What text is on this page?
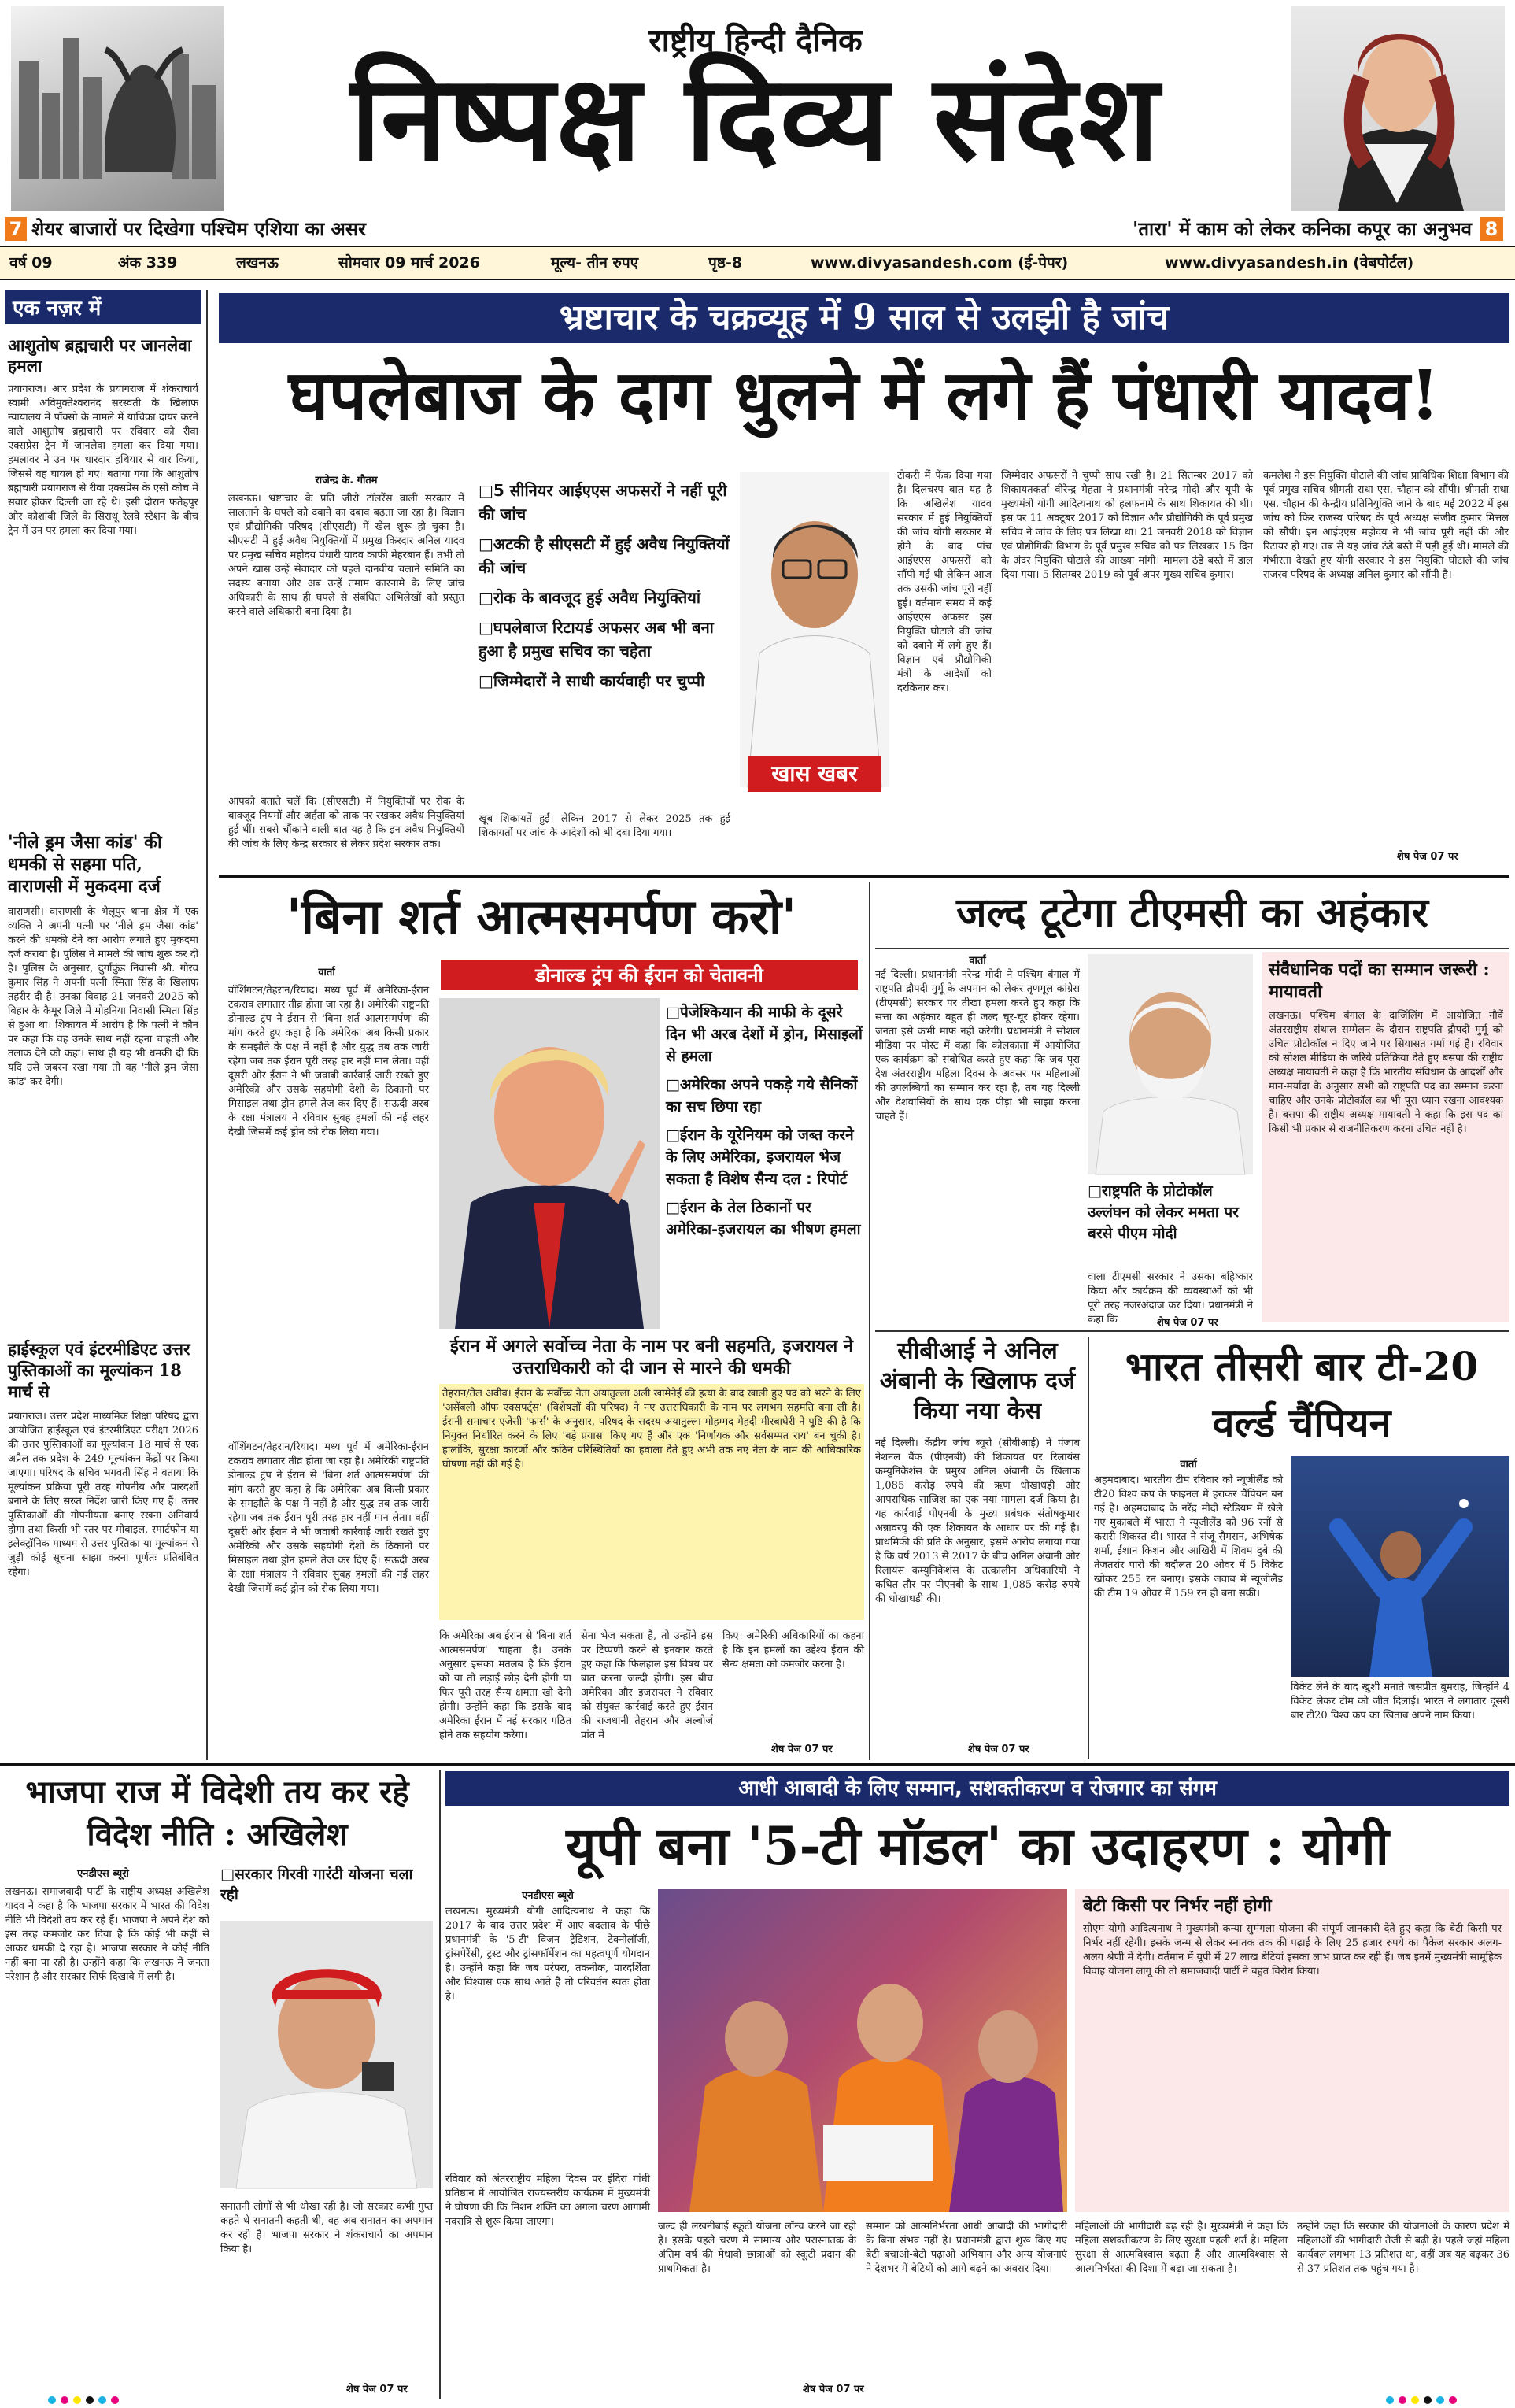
राष्ट्रीय हिन्दी दैनिक
निष्पक्ष दिव्य संदेश
7 शेयर बाजारों पर दिखेगा पश्चिम एशिया का असर	'तारा' में काम को लेकर कनिका कपूर का अनुभव 8
वर्ष 09	अंक 339	लखनऊ	सोमवार 09 मार्च 2026	मूल्य- तीन रुपए	पृष्ठ-8	www.divyasandesh.com (ई-पेपर)	www.divyasandesh.in (वेबपोर्टल)
एक नज़र में
आशुतोष ब्रह्मचारी पर जानलेवा हमला
प्रयागराज। आर प्रदेश के प्रयागराज में शंकराचार्य स्वामी अविमुक्तेश्वरानंद सरस्वती के खिलाफ न्यायालय में पॉक्सो के मामले में याचिका दायर करने वाले आशुतोष ब्रह्मचारी पर रविवार को रीवा एक्सप्रेस ट्रेन में जानलेवा हमला कर दिया गया। हमलावर ने उन पर धारदार हथियार से वार किया, जिससे वह घायल हो गए। बताया गया कि आशुतोष ब्रह्मचारी प्रयागराज से रीवा एक्सप्रेस के एसी कोच में सवार होकर दिल्ली जा रहे थे। इसी दौरान फतेहपुर और कौशांबी जिले के सिराथू रेलवे स्टेशन के बीच ट्रेन में उन पर हमला कर दिया गया।
'नीले ड्रम जैसा कांड' की धमकी से सहमा पति, वाराणसी में मुकदमा दर्ज
वाराणसी। वाराणसी के भेलूपुर थाना क्षेत्र में एक व्यक्ति ने अपनी पत्नी पर 'नीले ड्रम जैसा कांड' करने की धमकी देने का आरोप लगाते हुए मुकदमा दर्ज कराया है। पुलिस ने मामले की जांच शुरू कर दी है। पुलिस के अनुसार, दुर्गाकुंड निवासी श्री. गौरव कुमार सिंह ने अपनी पत्नी स्मिता सिंह के खिलाफ तहरीर दी है। उनका विवाह 21 जनवरी 2025 को बिहार के कैमूर जिले में मोहनिया निवासी स्मिता सिंह से हुआ था। शिकायत में आरोप है कि पत्नी ने कौन पर कहा कि वह उनके साथ नहीं रहना चाहती और तलाक देने को कहा। साथ ही यह भी धमकी दी कि यदि उसे जबरन रखा गया तो वह 'नीले ड्रम जैसा कांड' कर देगी।
हाईस्कूल एवं इंटरमीडिएट उत्तर पुस्तिकाओं का मूल्यांकन 18 मार्च से
प्रयागराज। उत्तर प्रदेश माध्यमिक शिक्षा परिषद द्वारा आयोजित हाईस्कूल एवं इंटरमीडिएट परीक्षा 2026 की उत्तर पुस्तिकाओं का मूल्यांकन 18 मार्च से एक अप्रैल तक प्रदेश के 249 मूल्यांकन केंद्रों पर किया जाएगा। परिषद के सचिव भगवती सिंह ने बताया कि मूल्यांकन प्रक्रिया पूरी तरह गोपनीय और पारदर्शी बनाने के लिए सख्त निर्देश जारी किए गए हैं। उत्तर पुस्तिकाओं की गोपनीयता बनाए रखना अनिवार्य होगा तथा किसी भी स्तर पर मोबाइल, स्मार्टफोन या इलेक्ट्रॉनिक माध्यम से उत्तर पुस्तिका या मूल्यांकन से जुड़ी कोई सूचना साझा करना पूर्णतः प्रतिबंधित रहेगा।
भ्रष्टाचार के चक्रव्यूह में 9 साल से उलझी है जांच
घपलेबाज के दाग धुलने में लगे हैं पंधारी यादव!
राजेन्द्र के. गौतम
लखनऊ। भ्रष्टाचार के प्रति जीरो टॉलरेंस वाली सरकार में सालताने के घपले को दबाने का दबाव बढ़ता जा रहा है। विज्ञान एवं प्रौद्योगिकी परिषद (सीएसटी) में खेल शुरू हो चुका है। सीएसटी में हुई अवैध नियुक्तियों में प्रमुख किरदार अनिल यादव पर प्रमुख सचिव महोदय पंधारी यादव काफी मेहरबान हैं। तभी तो अपने खास उन्हें सेवादार को पहले दानवीय चलाने समिति का सदस्य बनाया और अब उन्हें तमाम कारनामे के लिए जांच अधिकारी के साथ ही घपले से संबंधित अभिलेखों को प्रस्तुत करने वाले अधिकारी बना दिया है।
आपको बताते चलें कि (सीएसटी) में नियुक्तियों पर रोक के बावजूद नियमों और अर्हता को ताक पर रखकर अवैध नियुक्तियां हुई थीं। सबसे चौंकाने वाली बात यह है कि इन अवैध नियुक्तियों की जांच के लिए केन्द्र सरकार से लेकर प्रदेश सरकार तक।
□ 5 सीनियर आईएएस अफसरों ने नहीं पूरी की जांच
□ अटकी है सीएसटी में हुई अवैध नियुक्तियों की जांच
□ रोक के बावजूद हुई अवैध नियुक्तियां
□ घपलेबाज रिटायर्ड अफसर अब भी बना हुआ है प्रमुख सचिव का चहेता
□ जिम्मेदारों ने साधी कार्यवाही पर चुप्पी
खूब शिकायतें हुईं। लेकिन 2017 से लेकर 2025 तक हुई शिकायतों पर जांच के आदेशों को भी दबा दिया गया।
खास खबर
टोकरी में फेंक दिया गया है। दिलचस्प बात यह है कि अखिलेश यादव सरकार में हुई नियुक्तियों की जांच योगी सरकार में होने के बाद पांच आईएएस अफसरों को सौंपी गई थी लेकिन आज तक उसकी जांच पूरी नहीं हुई। वर्तमान समय में कई आईएएस अफसर इस नियुक्ति घोटाले की जांच को दबाने में लगे हुए हैं। विज्ञान एवं प्रौद्योगिकी मंत्री के आदेशों को दरकिनार कर।
जिम्मेदार अफसरों ने चुप्पी साध रखी है। 21 सितम्बर 2017 को शिकायतकर्ता वीरेन्द्र मेहता ने प्रधानमंत्री नरेन्द्र मोदी और यूपी के मुख्यमंत्री योगी आदित्यनाथ को हलफनामे के साथ शिकायत की थी। इस पर 11 अक्टूबर 2017 को विज्ञान और प्रौद्योगिकी के पूर्व प्रमुख सचिव ने जांच के लिए पत्र लिखा था। 21 जनवरी 2018 को विज्ञान एवं प्रौद्योगिकी विभाग के पूर्व प्रमुख सचिव को पत्र लिखकर 15 दिन के अंदर नियुक्ति घोटाले की आख्या मांगी। मामला ठंडे बस्ते में डाल दिया गया। 5 सितम्बर 2019 को पूर्व अपर मुख्य सचिव कुमार।
कमलेश ने इस नियुक्ति घोटाले की जांच प्राविधिक शिक्षा विभाग की पूर्व प्रमुख सचिव श्रीमती राधा एस. चौहान को सौंपी। श्रीमती राधा एस. चौहान की केन्द्रीय प्रतिनियुक्ति जाने के बाद मई 2022 में इस जांच को फिर राजस्व परिषद के पूर्व अध्यक्ष संजीव कुमार मित्तल को सौंपी। इन आईएएस महोदय ने भी जांच पूरी नहीं की और रिटायर हो गए। तब से यह जांच ठंडे बस्ते में पड़ी हुई थी। मामले की गंभीरता देखते हुए योगी सरकार ने इस नियुक्ति घोटाले की जांच राजस्व परिषद के अध्यक्ष अनिल कुमार को सौंपी है।
शेष पेज 07 पर
'बिना शर्त आत्मसमर्पण करो'
वार्ता	डोनाल्ड ट्रंप की ईरान को चेतावनी
वॉशिंगटन/तेहरान/रियाद। मध्य पूर्व में अमेरिका-ईरान टकराव लगातार तीव्र होता जा रहा है। अमेरिकी राष्ट्रपति डोनाल्ड ट्रंप ने ईरान से 'बिना शर्त आत्मसमर्पण' की मांग करते हुए कहा है कि अमेरिका अब किसी प्रकार के समझौते के पक्ष में नहीं है और युद्ध तब तक जारी रहेगा जब तक ईरान पूरी तरह हार नहीं मान लेता। वहीं दूसरी ओर ईरान ने भी जवाबी कार्रवाई जारी रखते हुए अमेरिकी और उसके सहयोगी देशों के ठिकानों पर मिसाइल तथा ड्रोन हमले तेज कर दिए हैं। सऊदी अरब के रक्षा मंत्रालय ने रविवार सुबह हमलों की नई लहर देखी जिसमें कई ड्रोन को रोक लिया गया।
□ पेजेश्कियान की माफी के दूसरे दिन भी अरब देशों में ड्रोन, मिसाइलों से हमला
□ अमेरिका अपने पकड़े गये सैनिकों का सच छिपा रहा
□ ईरान के यूरेनियम को जब्त करने के लिए अमेरिका, इजरायल भेज सकता है विशेष सैन्य दल : रिपोर्ट
□ ईरान के तेल ठिकानों पर अमेरिका-इजरायल का भीषण हमला
ईरान में अगले सर्वोच्च नेता के नाम पर बनी सहमति, इजरायल ने उत्तराधिकारी को दी जान से मारने की धमकी
तेहरान/तेल अवीव। ईरान के सर्वोच्च नेता अयातुल्ला अली खामेनेई की हत्या के बाद खाली हुए पद को भरने के लिए 'असेंबली ऑफ एक्सपर्ट्स' (विशेषज्ञों की परिषद) ने नए उत्तराधिकारी के नाम पर लगभग सहमति बना ली है। ईरानी समाचार एजेंसी 'फार्स' के अनुसार, परिषद के सदस्य अयातुल्ला मोहम्मद मेहदी मीरबाघेरी ने पुष्टि की है कि नियुक्त निर्धारित करने के लिए 'बड़े प्रयास' किए गए हैं और एक 'निर्णायक और सर्वसम्मत राय' बन चुकी है। हालांकि, सुरक्षा कारणों और कठिन परिस्थितियों का हवाला देते हुए अभी तक नए नेता के नाम की आधिकारिक घोषणा नहीं की गई है।
कि अमेरिका अब ईरान से 'बिना शर्त आत्मसमर्पण' चाहता है। उनके अनुसार इसका मतलब है कि ईरान को या तो लड़ाई छोड़ देनी होगी या फिर पूरी तरह सैन्य क्षमता खो देनी होगी। उन्होंने कहा कि इसके बाद अमेरिका ईरान में नई सरकार गठित होने तक सहयोग करेगा।
सेना भेज सकता है, तो उन्होंने इस पर टिप्पणी करने से इनकार करते हुए कहा कि फिलहाल इस विषय पर बात करना जल्दी होगी। इस बीच अमेरिका और इजरायल ने रविवार को संयुक्त कार्रवाई करते हुए ईरान की राजधानी तेहरान और अल्बोर्ज प्रांत में
किए। अमेरिकी अधिकारियों का कहना है कि इन हमलों का उद्देश्य ईरान की सैन्य क्षमता को कमजोर करना है।
शेष पेज 07 पर
वॉशिंगटन/तेहरान/रियाद। मध्य पूर्व में अमेरिका-ईरान टकराव लगातार तीव्र होता जा रहा है। अमेरिकी राष्ट्रपति डोनाल्ड ट्रंप ने ईरान से 'बिना शर्त आत्मसमर्पण' की मांग करते हुए कहा है कि अमेरिका अब किसी प्रकार के समझौते के पक्ष में नहीं है और युद्ध तब तक जारी रहेगा जब तक ईरान पूरी तरह हार नहीं मान लेता। वहीं दूसरी ओर ईरान ने भी जवाबी कार्रवाई जारी रखते हुए अमेरिकी और उसके सहयोगी देशों के ठिकानों पर मिसाइल तथा ड्रोन हमले तेज कर दिए हैं। सऊदी अरब के रक्षा मंत्रालय ने रविवार सुबह हमलों की नई लहर देखी जिसमें कई ड्रोन को रोक लिया गया।
जल्द टूटेगा टीएमसी का अहंकार
वार्ता
नई दिल्ली। प्रधानमंत्री नरेन्द्र मोदी ने पश्चिम बंगाल में राष्ट्रपति द्रौपदी मुर्मू के अपमान को लेकर तृणमूल कांग्रेस (टीएमसी) सरकार पर तीखा हमला करते हुए कहा कि सत्ता का अहंकार बहुत ही जल्द चूर-चूर होकर रहेगा। जनता इसे कभी माफ नहीं करेगी। प्रधानमंत्री ने सोशल मीडिया पर पोस्ट में कहा कि कोलकाता में आयोजित एक कार्यक्रम को संबोधित करते हुए कहा कि जब पूरा देश अंतरराष्ट्रीय महिला दिवस के अवसर पर महिलाओं की उपलब्धियों का सम्मान कर रहा है, तब यह दिल्ली और देशवासियों के साथ एक पीड़ा भी साझा करना चाहते हैं।
□ राष्ट्रपति के प्रोटोकॉल उल्लंघन को लेकर ममता पर बरसे पीएम मोदी
वाला टीएमसी सरकार ने उसका बहिष्कार किया और कार्यक्रम की व्यवस्थाओं को भी पूरी तरह नजरअंदाज कर दिया। प्रधानमंत्री ने कहा कि	शेष पेज 07 पर
संवैधानिक पदों का सम्मान जरूरी : मायावती
लखनऊ। पश्चिम बंगाल के दार्जिलिंग में आयोजित नौवें अंतरराष्ट्रीय संथाल सम्मेलन के दौरान राष्ट्रपति द्रौपदी मुर्मू को उचित प्रोटोकॉल न दिए जाने पर सियासत गर्मा गई है। रविवार को सोशल मीडिया के जरिये प्रतिक्रिया देते हुए बसपा की राष्ट्रीय अध्यक्ष मायावती ने कहा है कि भारतीय संविधान के आदर्शों और मान-मर्यादा के अनुसार सभी को राष्ट्रपति पद का सम्मान करना चाहिए और उनके प्रोटोकॉल का भी पूरा ध्यान रखना आवश्यक है। बसपा की राष्ट्रीय अध्यक्ष मायावती ने कहा कि इस पद का किसी भी प्रकार से राजनीतिकरण करना उचित नहीं है।
सीबीआई ने अनिल अंबानी के खिलाफ दर्ज किया नया केस
नई दिल्ली। केंद्रीय जांच ब्यूरो (सीबीआई) ने पंजाब नेशनल बैंक (पीएनबी) की शिकायत पर रिलायंस कम्युनिकेशंस के प्रमुख अनिल अंबानी के खिलाफ 1,085 करोड़ रुपये की ऋण धोखाधड़ी और आपराधिक साजिश का एक नया मामला दर्ज किया है। यह कार्रवाई पीएनबी के मुख्य प्रबंधक संतोषकुमार अन्नावरपु की एक शिकायत के आधार पर की गई है। प्राथमिकी की प्रति के अनुसार, इसमें आरोप लगाया गया है कि वर्ष 2013 से 2017 के बीच अनिल अंबानी और रिलायंस कम्युनिकेशंस के तत्कालीन अधिकारियों ने कथित तौर पर पीएनबी के साथ 1,085 करोड़ रुपये की धोखाधड़ी की।
शेष पेज 07 पर
भारत तीसरी बार टी-20 वर्ल्ड चैंपियन
वार्ता
अहमदाबाद। भारतीय टीम रविवार को न्यूजीलैंड को टी20 विश्व कप के फाइनल में हराकर चैंपियन बन गई है। अहमदाबाद के नरेंद्र मोदी स्टेडियम में खेले गए मुकाबले में भारत ने न्यूजीलैंड को 96 रनों से करारी शिकस्त दी। भारत ने संजू सैमसन, अभिषेक शर्मा, ईशान किशन और आखिरी में शिवम दुबे की तेजतर्रार पारी की बदौलत 20 ओवर में 5 विकेट खोकर 255 रन बनाए। इसके जवाब में न्यूजीलैंड की टीम 19 ओवर में 159 रन ही बना सकी।
विकेट लेने के बाद खुशी मनाते जसप्रीत बुमराह, जिन्होंने 4 विकेट लेकर टीम को जीत दिलाई। भारत ने लगातार दूसरी बार टी20 विश्व कप का खिताब अपने नाम किया।
भाजपा राज में विदेशी तय कर रहे विदेश नीति : अखिलेश
एनडीएस ब्यूरो
लखनऊ। समाजवादी पार्टी के राष्ट्रीय अध्यक्ष अखिलेश यादव ने कहा है कि भाजपा सरकार में भारत की विदेश नीति भी विदेशी तय कर रहे हैं। भाजपा ने अपने देश को इस तरह कमजोर कर दिया है कि कोई भी कहीं से आकर धमकी दे रहा है। भाजपा सरकार ने कोई नीति नहीं बना पा रही है। उन्होंने कहा कि लखनऊ में जनता परेशान है और सरकार सिर्फ दिखावे में लगी है।
□ सरकार गिरवी गारंटी योजना चला रही
सनातनी लोगों से भी धोखा रही है। जो सरकार कभी गुप्त कहते थे सनातनी कहती थी, वह अब सनातन का अपमान कर रही है। भाजपा सरकार ने शंकराचार्य का अपमान किया है।
शेष पेज 07 पर
आधी आबादी के लिए सम्मान, सशक्तीकरण व रोजगार का संगम
यूपी बना '5-टी मॉडल' का उदाहरण : योगी
एनडीएस ब्यूरो
लखनऊ। मुख्यमंत्री योगी आदित्यनाथ ने कहा कि 2017 के बाद उत्तर प्रदेश में आए बदलाव के पीछे प्रधानमंत्री के '5-टी' विजन—ट्रेडिशन, टेक्नोलॉजी, ट्रांसपेरेंसी, ट्रस्ट और ट्रांसफॉर्मेशन का महत्वपूर्ण योगदान है। उन्होंने कहा कि जब परंपरा, तकनीक, पारदर्शिता और विश्वास एक साथ आते हैं तो परिवर्तन स्वतः होता है।
रविवार को अंतरराष्ट्रीय महिला दिवस पर इंदिरा गांधी प्रतिष्ठान में आयोजित राज्यस्तरीय कार्यक्रम में मुख्यमंत्री ने घोषणा की कि मिशन शक्ति का अगला चरण आगामी नवरात्रि से शुरू किया जाएगा।	जल्द ही लखनीबाई स्कूटी योजना लॉन्च करने जा रही है। इसके पहले चरण में सामान्य और परास्नातक के अंतिम वर्ष की मेधावी छात्राओं को स्कूटी प्रदान की प्राथमिकता है।
सम्मान को आत्मनिर्भरता आधी आबादी की भागीदारी के बिना संभव नहीं है। प्रधानमंत्री द्वारा शुरू किए गए बेटी बचाओ-बेटी पढ़ाओ अभियान और अन्य योजनाएं ने देशभर में बेटियों को आगे बढ़ने का अवसर दिया।
बेटी किसी पर निर्भर नहीं होगी
सीएम योगी आदित्यनाथ ने मुख्यमंत्री कन्या सुमंगला योजना की संपूर्ण जानकारी देते हुए कहा कि बेटी किसी पर निर्भर नहीं रहेगी। इसके जन्म से लेकर स्नातक तक की पढ़ाई के लिए 25 हजार रुपये का पैकेज सरकार अलग-अलग श्रेणी में देगी। वर्तमान में यूपी में 27 लाख बेटियां इसका लाभ प्राप्त कर रही हैं। जब इनमें मुख्यमंत्री सामूहिक विवाह योजना लागू की तो समाजवादी पार्टी ने बहुत विरोध किया।
महिलाओं की भागीदारी बढ़ रही है। मुख्यमंत्री ने कहा कि महिला सशक्तीकरण के लिए सुरक्षा पहली शर्त है। महिला सुरक्षा से आत्मविश्वास बढ़ता है और आत्मविश्वास से आत्मनिर्भरता की दिशा में बढ़ा जा सकता है।
उन्होंने कहा कि सरकार की योजनाओं के कारण प्रदेश में महिलाओं की भागीदारी तेजी से बढ़ी है। पहले जहां महिला कार्यबल लगभग 13 प्रतिशत था, वहीं अब यह बढ़कर 36 से 37 प्रतिशत तक पहुंच गया है।
शेष पेज 07 पर
